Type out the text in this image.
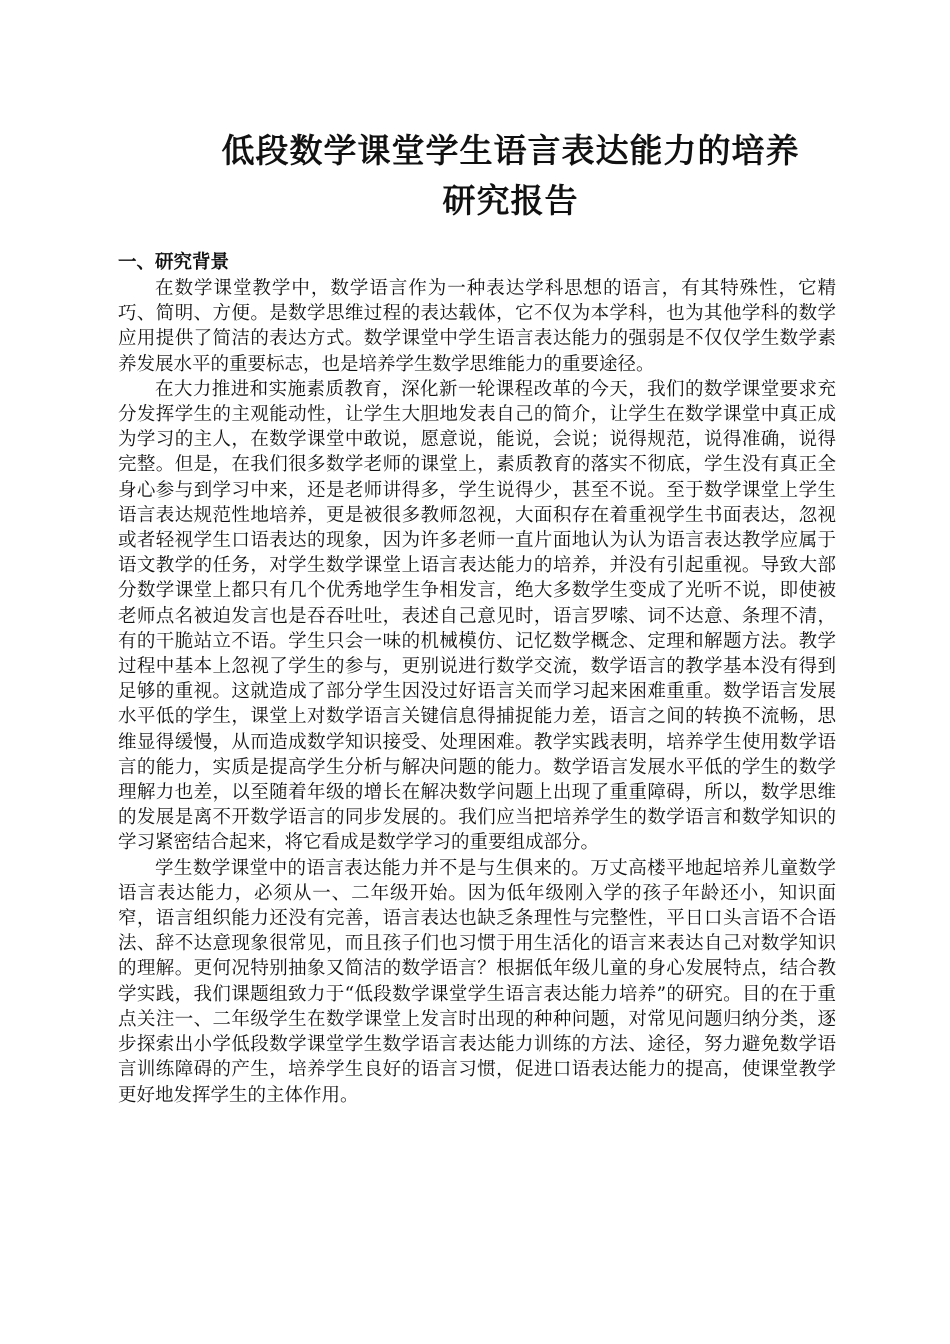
低段数学课堂学生语言表达能力的培养
研究报告
一、研究背景

在数学课堂教学中，数学语言作为一种表达学科思想的语言，有其特殊性，它精巧、简明、方便。是数学思维过程的表达载体，它不仅为本学科，也为其他学科的数学应用提供了简洁的表达方式。数学课堂中学生语言表达能力的强弱是不仅仅学生数学素养发展水平的重要标志，也是培养学生数学思维能力的重要途径。

在大力推进和实施素质教育，深化新一轮课程改革的今天，我们的数学课堂要求充分发挥学生的主观能动性，让学生大胆地发表自己的简介，让学生在数学课堂中真正成为学习的主人，在数学课堂中敢说，愿意说，能说，会说；说得规范，说得准确，说得完整。但是，在我们很多数学老师的课堂上，素质教育的落实不彻底，学生没有真正全身心参与到学习中来，还是老师讲得多，学生说得少，甚至不说。至于数学课堂上学生语言表达规范性地培养，更是被很多教师忽视，大面积存在着重视学生书面表达，忽视或者轻视学生口语表达的现象，因为许多老师一直片面地认为认为语言表达教学应属于语文教学的任务，对学生数学课堂上语言表达能力的培养，并没有引起重视。导致大部分数学课堂上都只有几个优秀地学生争相发言，绝大多数学生变成了光听不说，即使被老师点名被迫发言也是吞吞吐吐，表述自己意见时，语言罗嗦、词不达意、条理不清，有的干脆站立不语。学生只会一味的机械模仿、记忆数学概念、定理和解题方法。教学过程中基本上忽视了学生的参与，更别说进行数学交流，数学语言的教学基本没有得到足够的重视。这就造成了部分学生因没过好语言关而学习起来困难重重。数学语言发展水平低的学生，课堂上对数学语言关键信息得捕捉能力差，语言之间的转换不流畅，思维显得缓慢，从而造成数学知识接受、处理困难。教学实践表明，培养学生使用数学语言的能力，实质是提高学生分析与解决问题的能力。数学语言发展水平低的学生的数学理解力也差，以至随着年级的增长在解决数学问题上出现了重重障碍，所以，数学思维的发展是离不开数学语言的同步发展的。我们应当把培养学生的数学语言和数学知识的学习紧密结合起来，将它看成是数学学习的重要组成部分。

学生数学课堂中的语言表达能力并不是与生俱来的。万丈高楼平地起培养儿童数学语言表达能力，必须从一、二年级开始。因为低年级刚入学的孩子年龄还小，知识面窄，语言组织能力还没有完善，语言表达也缺乏条理性与完整性，平日口头言语不合语法、辞不达意现象很常见，而且孩子们也习惯于用生活化的语言来表达自己对数学知识的理解。更何况特别抽象又简洁的数学语言？根据低年级儿童的身心发展特点，结合教学实践，我们课题组致力于“低段数学课堂学生语言表达能力培养”的研究。目的在于重点关注一、二年级学生在数学课堂上发言时出现的种种问题，对常见问题归纳分类，逐步探索出小学低段数学课堂学生数学语言表达能力训练的方法、途径，努力避免数学语言训练障碍的产生，培养学生良好的语言习惯，促进口语表达能力的提高，使课堂教学更好地发挥学生的主体作用。
